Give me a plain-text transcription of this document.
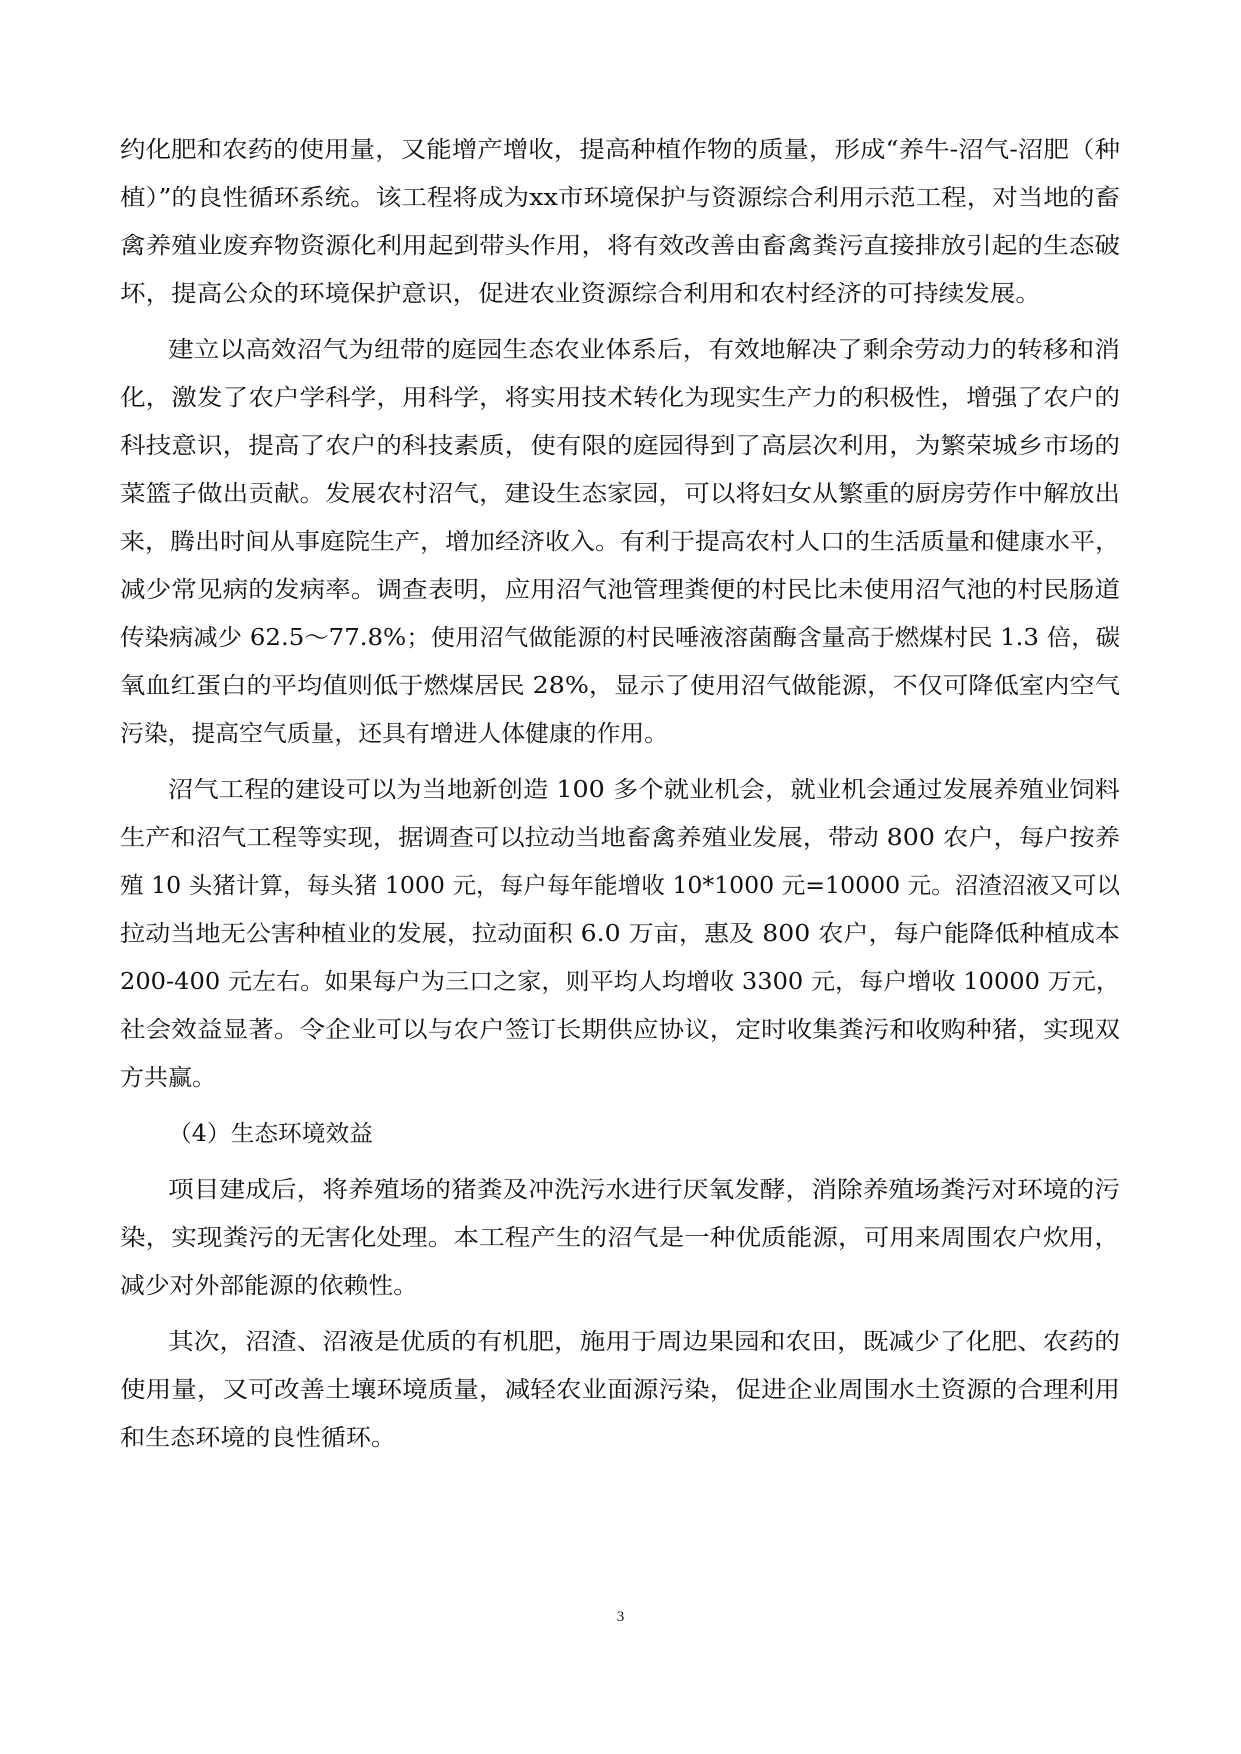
约化肥和农药的使用量，又能增产增收，提高种植作物的质量，形成“养牛-沼气-沼肥（种
植）”的良性循环系统。该工程将成为xx市环境保护与资源综合利用示范工程，对当地的畜
禽养殖业废弃物资源化利用起到带头作用，将有效改善由畜禽粪污直接排放引起的生态破
坏，提高公众的环境保护意识，促进农业资源综合利用和农村经济的可持续发展。
建立以高效沼气为纽带的庭园生态农业体系后，有效地解决了剩余劳动力的转移和消
化，激发了农户学科学，用科学，将实用技术转化为现实生产力的积极性，增强了农户的
科技意识，提高了农户的科技素质，使有限的庭园得到了高层次利用，为繁荣城乡市场的
菜篮子做出贡献。发展农村沼气，建设生态家园，可以将妇女从繁重的厨房劳作中解放出
来，腾出时间从事庭院生产，增加经济收入。有利于提高农村人口的生活质量和健康水平，
减少常见病的发病率。调查表明，应用沼气池管理粪便的村民比未使用沼气池的村民肠道
传染病减少 62.5～77.8%；使用沼气做能源的村民唾液溶菌酶含量高于燃煤村民 1.3 倍，碳
氧血红蛋白的平均值则低于燃煤居民 28%，显示了使用沼气做能源，不仅可降低室内空气
污染，提高空气质量，还具有增进人体健康的作用。
沼气工程的建设可以为当地新创造 100 多个就业机会，就业机会通过发展养殖业饲料
生产和沼气工程等实现，据调查可以拉动当地畜禽养殖业发展，带动 800 农户，每户按养
殖 10 头猪计算，每头猪 1000 元，每户每年能增收 10*1000 元=10000 元。沼渣沼液又可以
拉动当地无公害种植业的发展，拉动面积 6.0 万亩，惠及 800 农户，每户能降低种植成本
200-400 元左右。如果每户为三口之家，则平均人均增收 3300 元，每户增收 10000 万元，
社会效益显著。令企业可以与农户签订长期供应协议，定时收集粪污和收购种猪，实现双
方共赢。
（4）生态环境效益
项目建成后，将养殖场的猪粪及冲洗污水进行厌氧发酵，消除养殖场粪污对环境的污
染，实现粪污的无害化处理。本工程产生的沼气是一种优质能源，可用来周围农户炊用，
减少对外部能源的依赖性。
其次，沼渣、沼液是优质的有机肥，施用于周边果园和农田，既减少了化肥、农药的
使用量，又可改善土壤环境质量，减轻农业面源污染，促进企业周围水土资源的合理利用
和生态环境的良性循环。
3
